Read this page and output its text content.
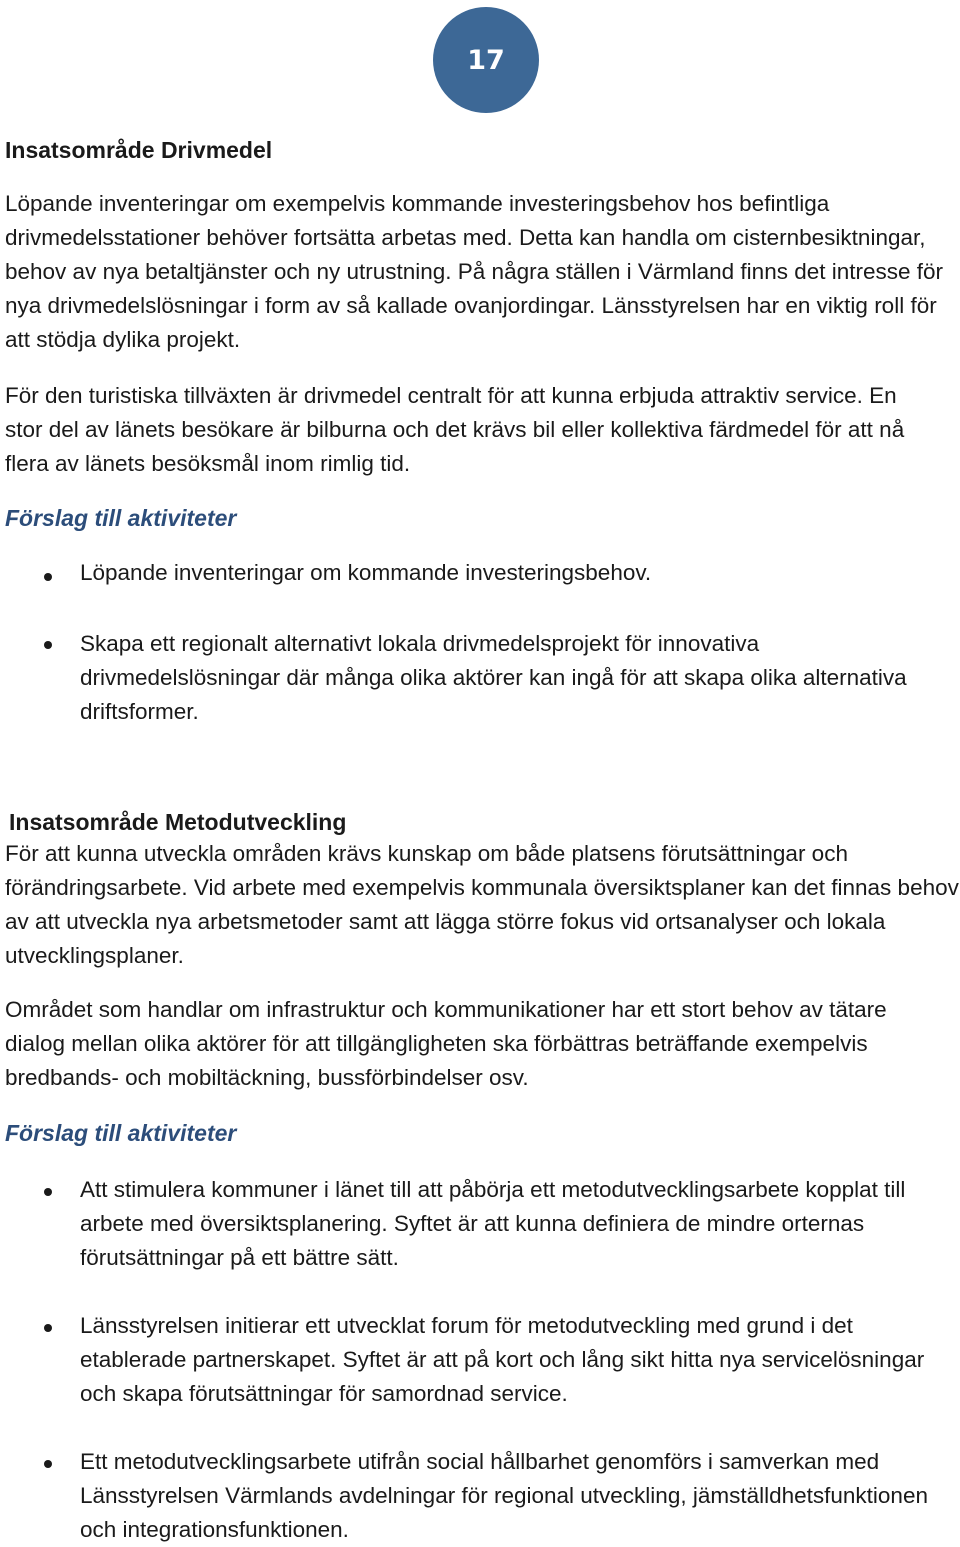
17
Insatsområde Drivmedel

Löpande inventeringar om exempelvis kommande investeringsbehov hos befintliga drivmedelsstationer behöver fortsätta arbetas med. Detta kan handla om cisternbesiktningar, behov av nya betaltjänster och ny utrustning. På några ställen i Värmland finns det intresse för nya drivmedelslösningar i form av så kallade ovanjordingar. Länsstyrelsen har en viktig roll för att stödja dylika projekt.

För den turistiska tillväxten är drivmedel centralt för att kunna erbjuda attraktiv service. En stor del av länets besökare är bilburna och det krävs bil eller kollektiva färdmedel för att nå flera av länets besöksmål inom rimlig tid.

Förslag till aktiviteter
Löpande inventeringar om kommande investeringsbehov.
Skapa ett regionalt alternativt lokala drivmedelsprojekt för innovativa drivmedelslösningar där många olika aktörer kan ingå för att skapa olika alternativa driftsformer.
Insatsområde Metodutveckling

För att kunna utveckla områden krävs kunskap om både platsens förutsättningar och förändringsarbete. Vid arbete med exempelvis kommunala översiktsplaner kan det finnas behov av att utveckla nya arbetsmetoder samt att lägga större fokus vid ortsanalyser och lokala utvecklingsplaner.

Området som handlar om infrastruktur och kommunikationer har ett stort behov av tätare dialog mellan olika aktörer för att tillgängligheten ska förbättras beträffande exempelvis bredbands- och mobiltäckning, bussförbindelser osv.

Förslag till aktiviteter
Att stimulera kommuner i länet till att påbörja ett metodutvecklingsarbete kopplat till arbete med översiktsplanering. Syftet är att kunna definiera de mindre orternas förutsättningar på ett bättre sätt.
Länsstyrelsen initierar ett utvecklat forum för metodutveckling med grund i det etablerade partnerskapet. Syftet är att på kort och lång sikt hitta nya servicelösningar och skapa förutsättningar för samordnad service.
Ett metodutvecklingsarbete utifrån social hållbarhet genomförs i samverkan med Länsstyrelsen Värmlands avdelningar för regional utveckling, jämställdhetsfunktionen och integrationsfunktionen.
